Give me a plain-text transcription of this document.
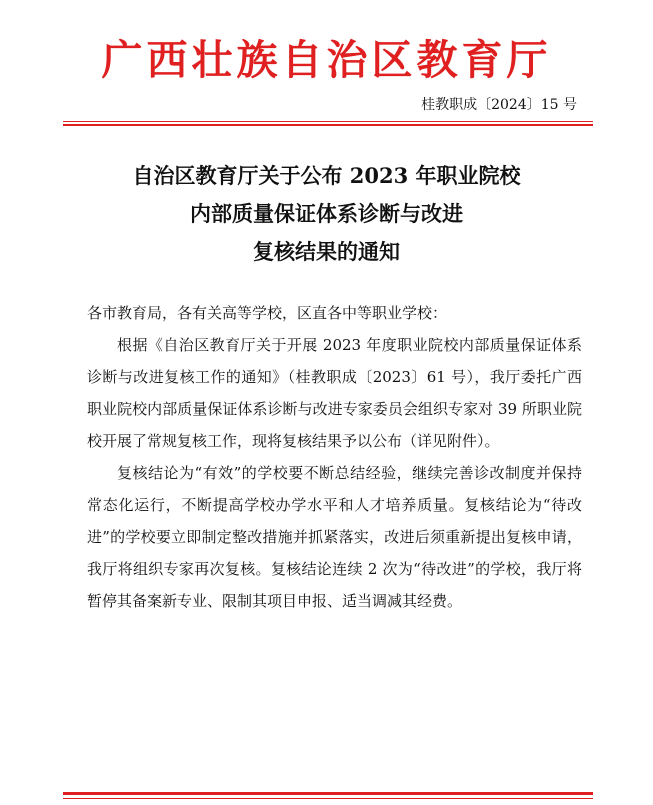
广西壮族自治区教育厅
桂教职成〔2024〕15 号
自治区教育厅关于公布 2023 年职业院校
内部质量保证体系诊断与改进
复核结果的通知

各市教育局，各有关高等学校，区直各中等职业学校：

根据《自治区教育厅关于开展 2023 年度职业院校内部质量保证体系诊断与改进复核工作的通知》（桂教职成〔2023〕61 号），我厅委托广西职业院校内部质量保证体系诊断与改进专家委员会组织专家对 39 所职业院校开展了常规复核工作，现将复核结果予以公布（详见附件）。

复核结论为“有效”的学校要不断总结经验，继续完善诊改制度并保持常态化运行，不断提高学校办学水平和人才培养质量。复核结论为“待改进”的学校要立即制定整改措施并抓紧落实，改进后须重新提出复核申请，我厅将组织专家再次复核。复核结论连续 2 次为“待改进”的学校，我厅将暂停其备案新专业、限制其项目申报、适当调减其经费。
